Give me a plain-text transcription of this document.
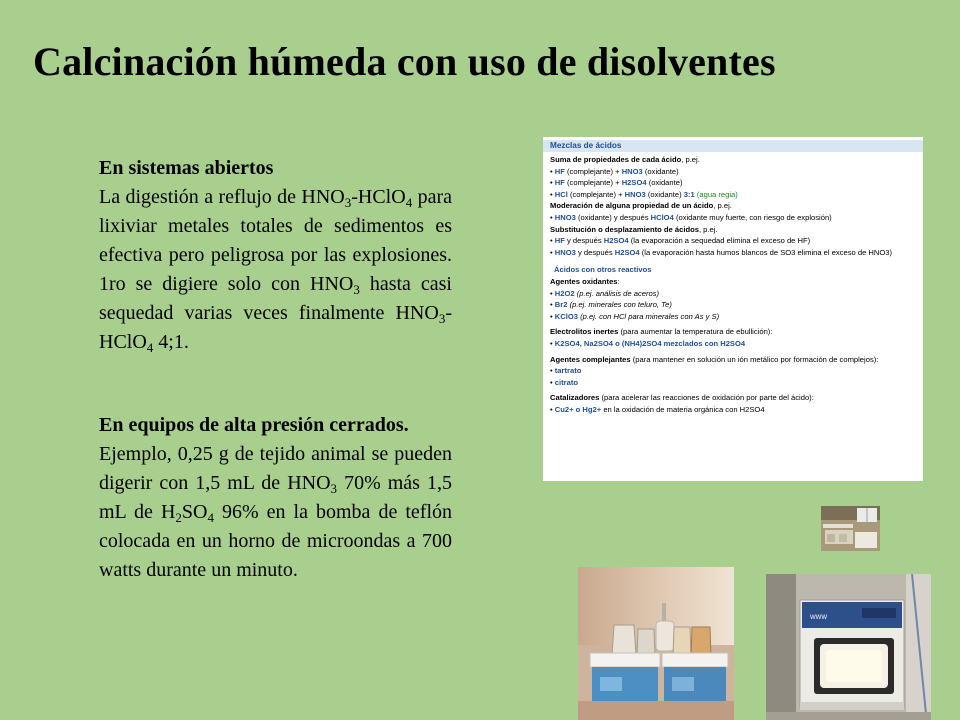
Calcinación húmeda con uso de disolventes
En sistemas abiertos
La digestión a reflujo de $HNO_3-HClO_4$ para lixiviar metales totales de sedimentos es efectiva pero peligrosa por las explosiones. 1ro se digiere solo con $HNO_3$ hasta casi sequedad varias veces finalmente $HNO_3-HClO_4$ 4;1.
En equipos de alta presión cerrados.
Ejemplo, 0,25 g de tejido animal se pueden digerir con 1,5 mL de $HNO_3$ 70% más 1,5 mL de $H_2SO_4$ 96% en la bomba de teflón colocada en un horno de microondas a 700 watts durante un minuto.
Mezclas de ácidos
Suma de propiedades de cada ácido, p.ej.
• HF (complejante) + HNO3 (oxidante)
• HF (complejante) + H2SO4 (oxidante)
• HCl (complejante) + HNO3 (oxidante) 3:1 (agua regia)
Moderación de alguna propiedad de un ácido, p.ej.
• HNO3 (oxidante) y después HClO4 (oxidante muy fuerte, con riesgo de explosión)
Substitución o desplazamiento de ácidos, p.ej.
• HF y después H2SO4 (la evaporación a sequedad elimina el exceso de HF)
• HNO3 y después H2SO4 (la evaporación hasta humos blancos de SO3 elimina el exceso de HNO3)
Ácidos con otros reactivos
Agentes oxidantes:
• H2O2 (p.ej. análisis de aceros)
• Br2 (p.ej. minerales con teluro, Te)
• KClO3 (p.ej. con HCl para minerales con As y S)
Electrolitos inertes (para aumentar la temperatura de ebullición):
• K2SO4, Na2SO4 o (NH4)2SO4 mezclados con H2SO4
Agentes complejantes (para mantener en solución un ión metálico por formación de complejos):
• tartrato
• citrato
Catalizadores (para acelerar las reacciones de oxidación por parte del ácido):
• Cu2+ o Hg2+ en la oxidación de materia orgánica con H2SO4
WWW
